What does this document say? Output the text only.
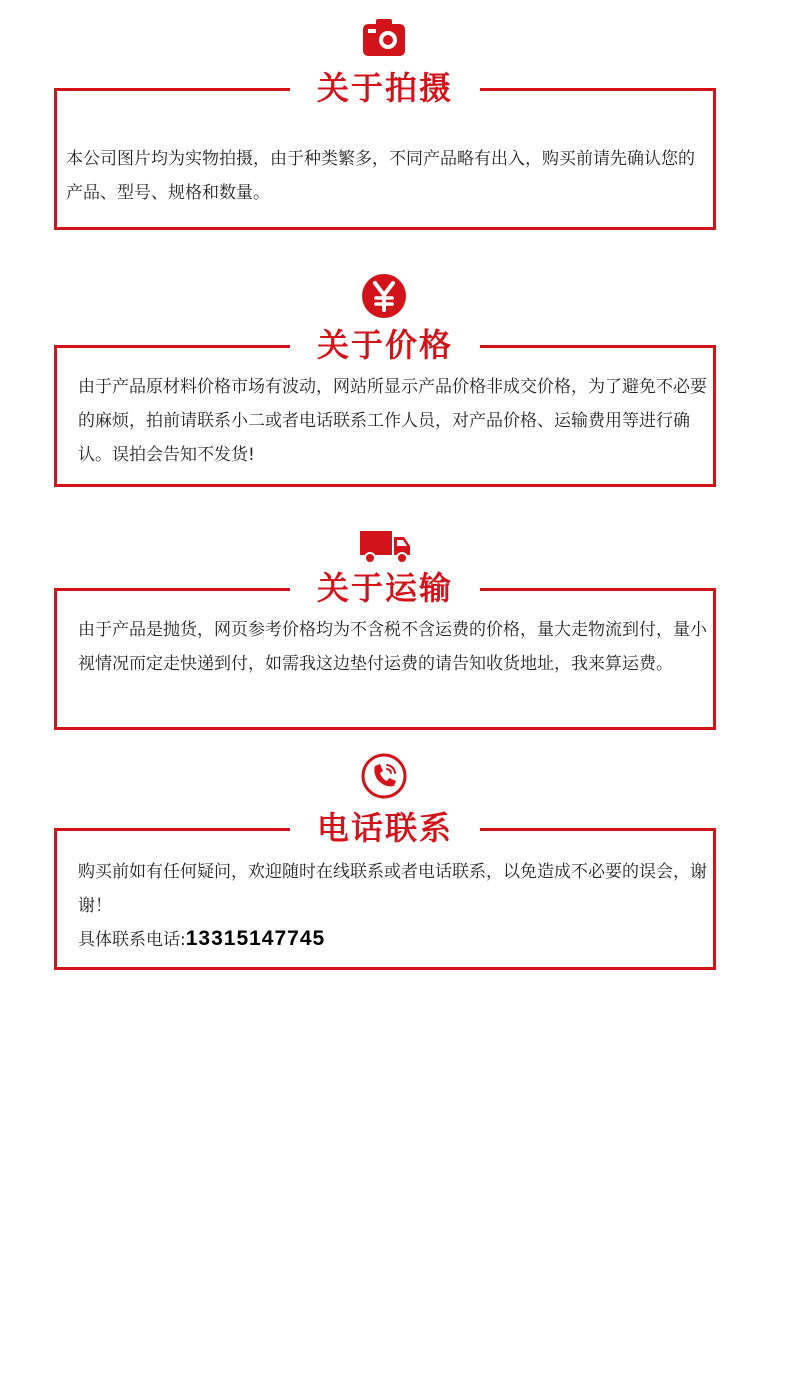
关于拍摄
本公司图片均为实物拍摄，由于种类繁多，不同产品略有出入，购买前请先确认您的产品、型号、规格和数量。
关于价格
由于产品原材料价格市场有波动，网站所显示产品价格非成交价格，为了避免不必要的麻烦，拍前请联系小二或者电话联系工作人员，对产品价格、运输费用等进行确认。误拍会告知不发货!
关于运输
由于产品是抛货，网页参考价格均为不含税不含运费的价格，量大走物流到付，量小视情况而定走快递到付，如需我这边垫付运费的请告知收货地址，我来算运费。
电话联系
购买前如有任何疑问，欢迎随时在线联系或者电话联系，以免造成不必要的误会，谢谢！
具体联系电话:13315147745
